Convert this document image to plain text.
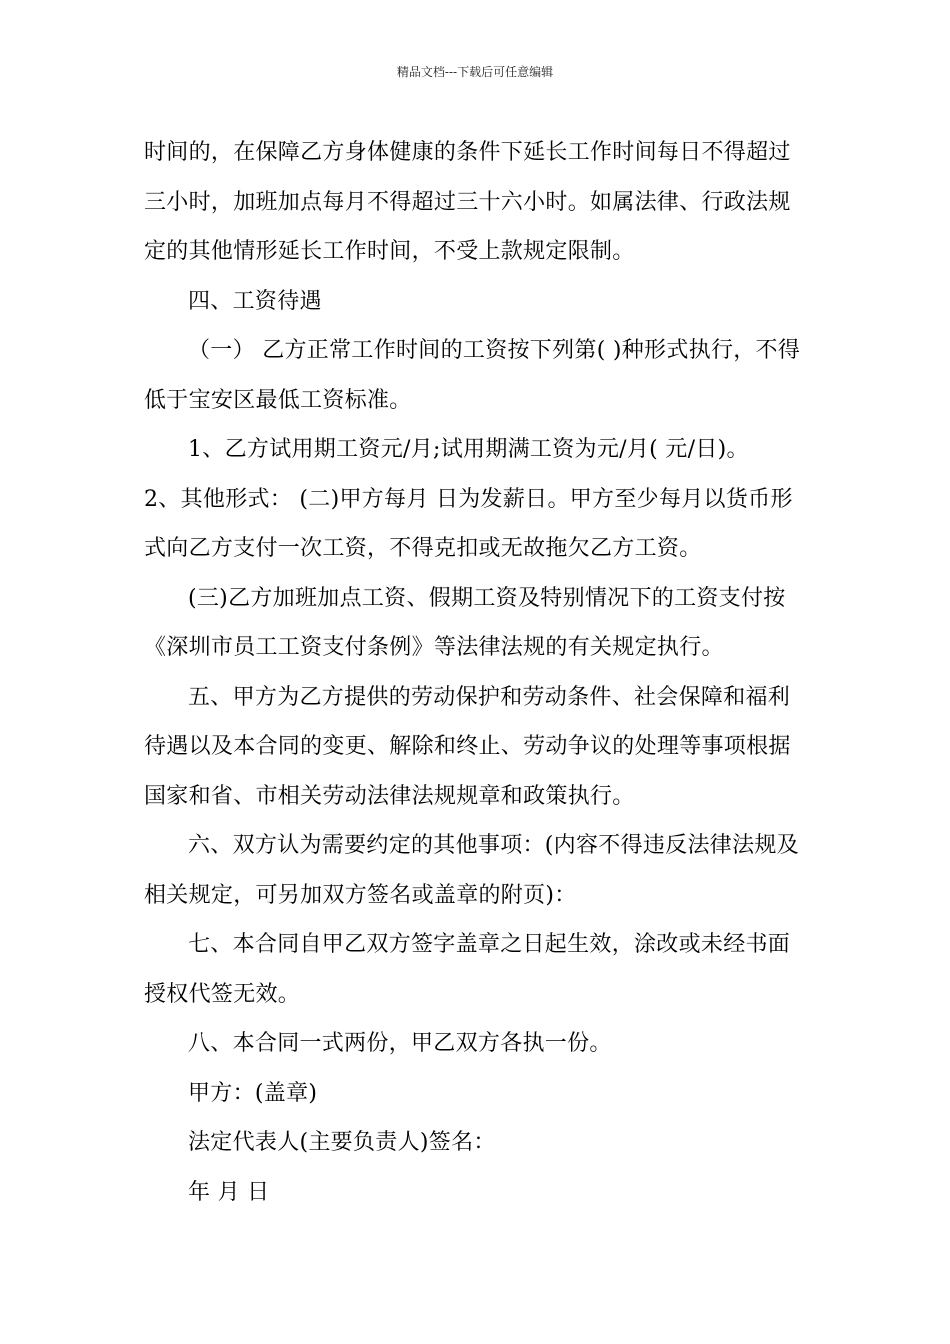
精品文档---下载后可任意编辑
时间的，在保障乙方身体健康的条件下延长工作时间每日不得超过
三小时，加班加点每月不得超过三十六小时。如属法律、行政法规
定的其他情形延长工作时间，不受上款规定限制。
四、工资待遇
（一） 乙方正常工作时间的工资按下列第( )种形式执行，不得
低于宝安区最低工资标准。
1、乙方试用期工资元/月;试用期满工资为元/月( 元/日)。
2、其他形式： (二)甲方每月 日为发薪日。甲方至少每月以货币形
式向乙方支付一次工资，不得克扣或无故拖欠乙方工资。
(三)乙方加班加点工资、假期工资及特别情况下的工资支付按
《深圳市员工工资支付条例》等法律法规的有关规定执行。
五、甲方为乙方提供的劳动保护和劳动条件、社会保障和福利
待遇以及本合同的变更、解除和终止、劳动争议的处理等事项根据
国家和省、市相关劳动法律法规规章和政策执行。
六、双方认为需要约定的其他事项：(内容不得违反法律法规及
相关规定，可另加双方签名或盖章的附页)：
七、本合同自甲乙双方签字盖章之日起生效，涂改或未经书面
授权代签无效。
八、本合同一式两份，甲乙双方各执一份。
甲方：(盖章)
法定代表人(主要负责人)签名：
年 月 日
